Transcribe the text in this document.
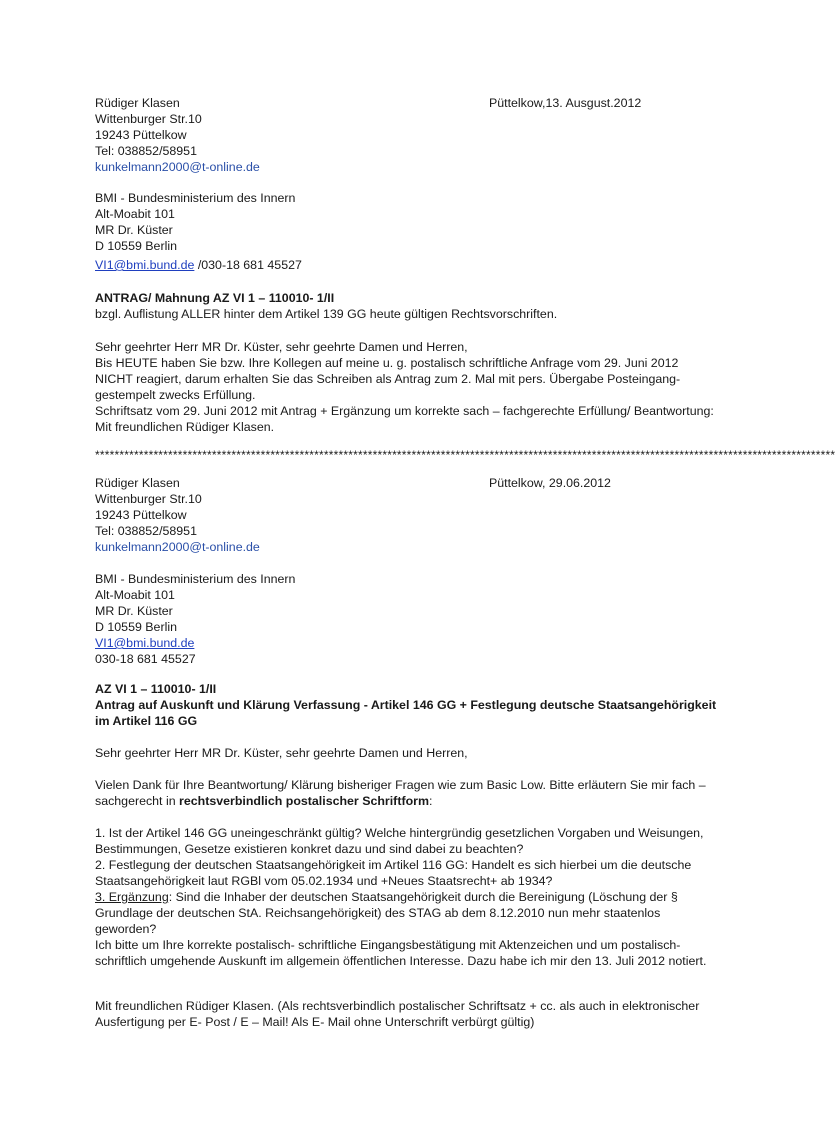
Rüdiger Klasen
Wittenburger Str.10
19243 Püttelkow
Tel: 038852/58951
kunkelmann2000@t-online.de
Püttelkow,13. Ausgust.2012
BMI - Bundesministerium des Innern
Alt-Moabit 101
MR Dr. Küster
D 10559 Berlin
VI1@bmi.bund.de /030-18 681 45527
ANTRAG/ Mahnung AZ VI 1 – 110010- 1/II
bzgl. Auflistung ALLER hinter dem Artikel 139 GG heute gültigen Rechtsvorschriften.
Sehr geehrter Herr MR Dr. Küster, sehr geehrte Damen und Herren,
Bis HEUTE haben Sie bzw. Ihre Kollegen auf meine u. g. postalisch schriftliche Anfrage vom 29. Juni 2012
NICHT reagiert, darum erhalten Sie das Schreiben als Antrag zum 2. Mal mit pers. Übergabe Posteingang-
gestempelt zwecks Erfüllung.
Schriftsatz vom 29. Juni 2012 mit Antrag + Ergänzung um korrekte sach – fachgerechte Erfüllung/ Beantwortung:
Mit freundlichen Rüdiger Klasen.
********************************************************************************************************************************************************
Rüdiger Klasen
Wittenburger Str.10
19243 Püttelkow
Tel: 038852/58951
kunkelmann2000@t-online.de
Püttelkow, 29.06.2012
BMI - Bundesministerium des Innern
Alt-Moabit 101
MR Dr. Küster
D 10559 Berlin
VI1@bmi.bund.de
030-18 681 45527
AZ VI 1 – 110010- 1/II
Antrag auf Auskunft und Klärung Verfassung - Artikel 146 GG + Festlegung deutsche Staatsangehörigkeit
im Artikel 116 GG
Sehr geehrter Herr MR Dr. Küster, sehr geehrte Damen und Herren,
Vielen Dank für Ihre Beantwortung/ Klärung bisheriger Fragen wie zum Basic Low. Bitte erläutern Sie mir fach –
sachgerecht in rechtsverbindlich postalischer Schriftform:
1. Ist der Artikel 146 GG uneingeschränkt gültig? Welche hintergründig gesetzlichen Vorgaben und Weisungen,
Bestimmungen, Gesetze existieren konkret dazu und sind dabei zu beachten?
2. Festlegung der deutschen Staatsangehörigkeit im Artikel 116 GG: Handelt es sich hierbei um die deutsche
Staatsangehörigkeit laut RGBl vom 05.02.1934 und +Neues Staatsrecht+ ab 1934?
3. Ergänzung: Sind die Inhaber der deutschen Staatsangehörigkeit durch die Bereinigung (Löschung der §
Grundlage der deutschen StA. Reichsangehörigkeit) des STAG ab dem 8.12.2010 nun mehr staatenlos
geworden?
Ich bitte um Ihre korrekte postalisch- schriftliche Eingangsbestätigung mit Aktenzeichen und um postalisch-
schriftlich umgehende Auskunft im allgemein öffentlichen Interesse. Dazu habe ich mir den 13. Juli 2012 notiert.
Mit freundlichen Rüdiger Klasen. (Als rechtsverbindlich postalischer Schriftsatz + cc. als auch in elektronischer
Ausfertigung per E- Post / E – Mail! Als E- Mail ohne Unterschrift verbürgt gültig)
